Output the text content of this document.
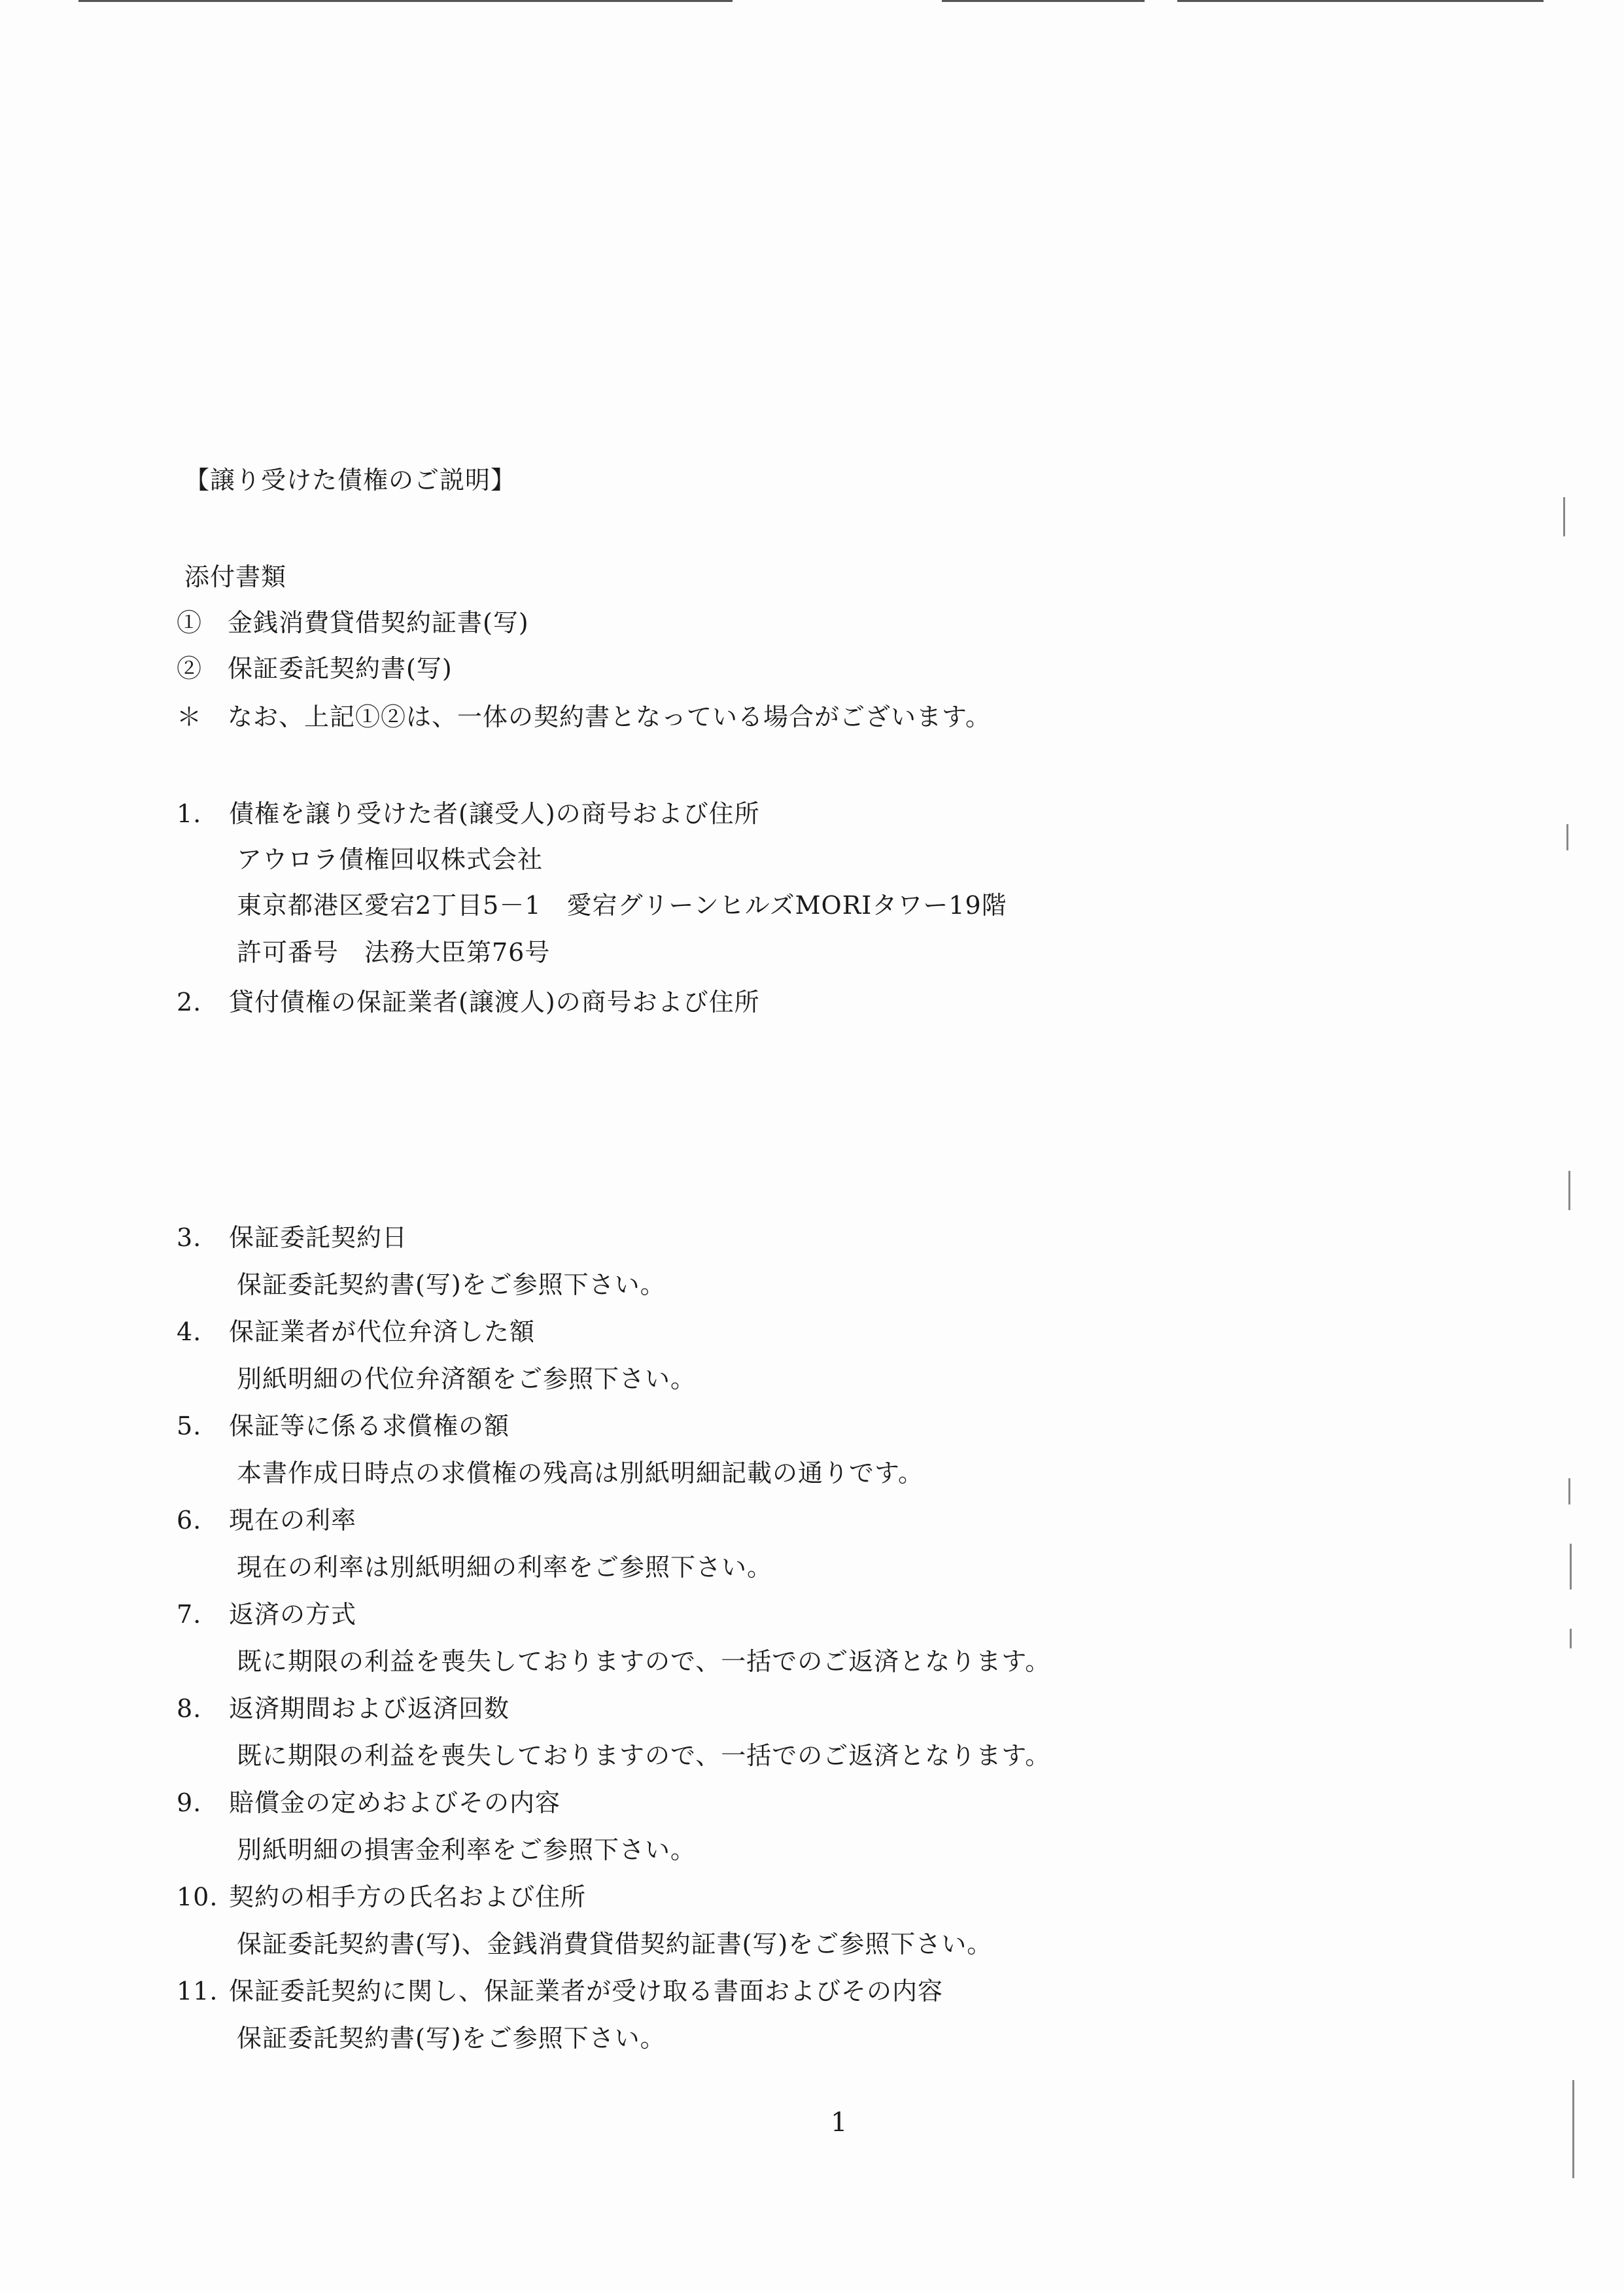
【譲り受けた債権のご説明】
添付書類
①　金銭消費貸借契約証書(写)
②　保証委託契約書(写)
＊　なお、上記①②は、一体の契約書となっている場合がございます。
1. 債権を譲り受けた者(譲受人)の商号および住所
アウロラ債権回収株式会社
東京都港区愛宕2丁目5－1　愛宕グリーンヒルズMORIタワー19階
許可番号　法務大臣第76号
2. 貸付債権の保証業者(譲渡人)の商号および住所
3. 保証委託契約日
保証委託契約書(写)をご参照下さい。
4. 保証業者が代位弁済した額
別紙明細の代位弁済額をご参照下さい。
5. 保証等に係る求償権の額
本書作成日時点の求償権の残高は別紙明細記載の通りです。
6. 現在の利率
現在の利率は別紙明細の利率をご参照下さい。
7. 返済の方式
既に期限の利益を喪失しておりますので、一括でのご返済となります。
8. 返済期間および返済回数
既に期限の利益を喪失しておりますので、一括でのご返済となります。
9. 賠償金の定めおよびその内容
別紙明細の損害金利率をご参照下さい。
10. 契約の相手方の氏名および住所
保証委託契約書(写)、金銭消費貸借契約証書(写)をご参照下さい。
11. 保証委託契約に関し、保証業者が受け取る書面およびその内容
保証委託契約書(写)をご参照下さい。
1
